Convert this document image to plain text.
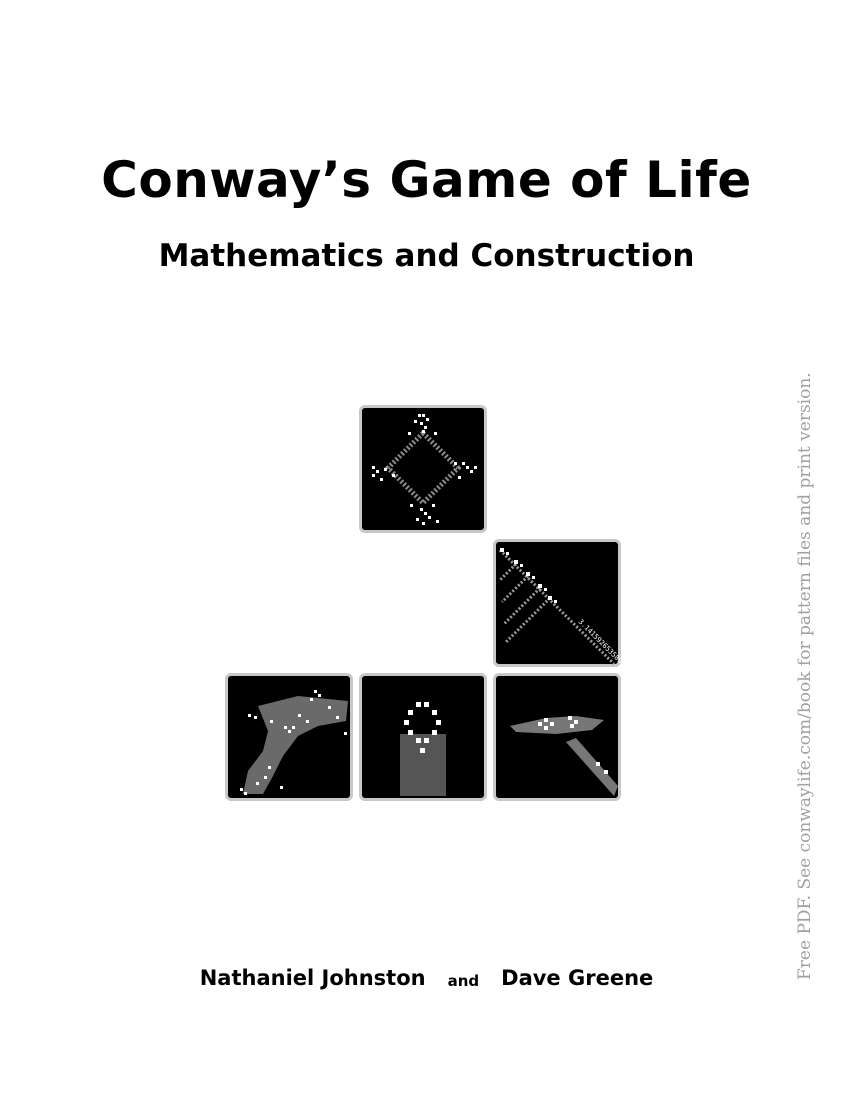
Conway’s Game of Life
Mathematics and Construction
3.14159265358979
Nathaniel Johnston and Dave Greene	Free PDF. See conwaylife.com/book for pattern files and print version.
